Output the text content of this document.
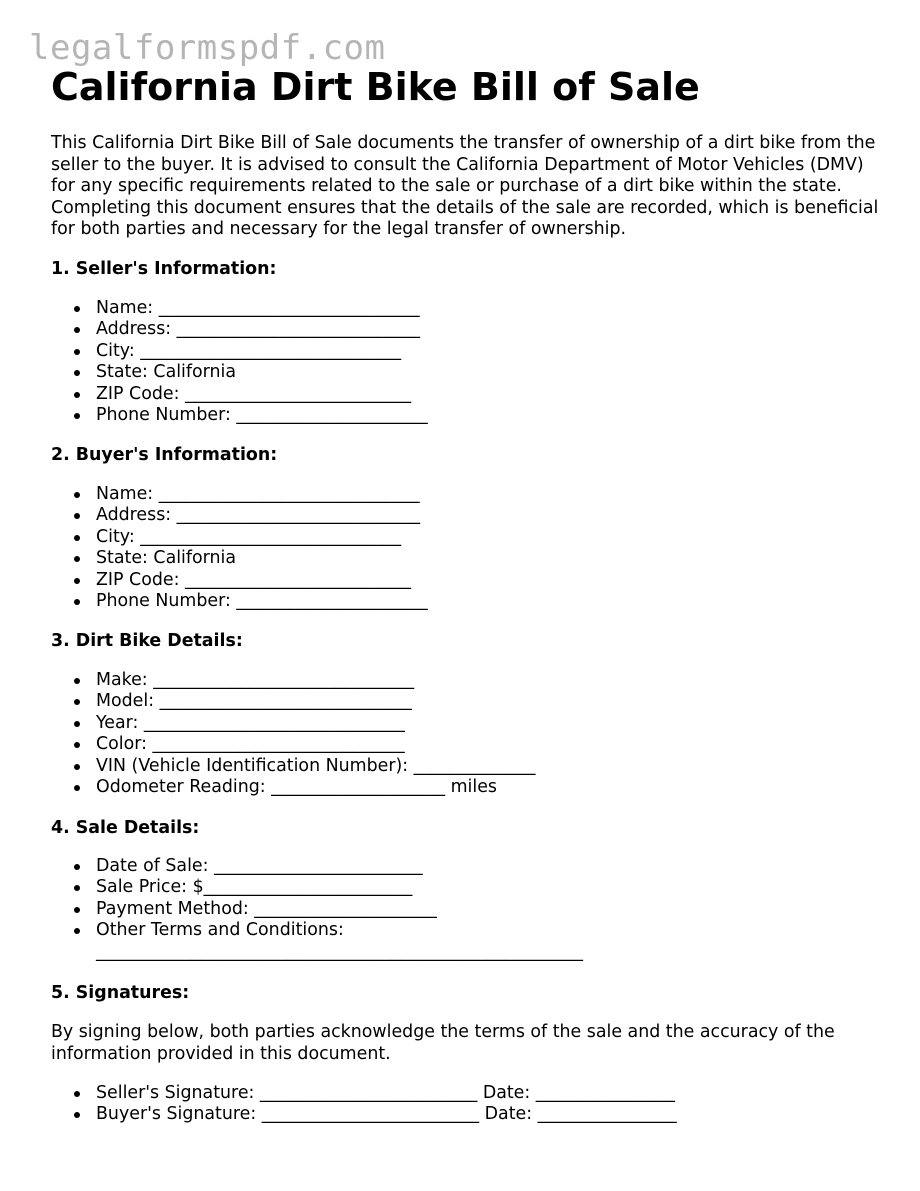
legalformspdf.com
California Dirt Bike Bill of Sale

This California Dirt Bike Bill of Sale documents the transfer of ownership of a dirt bike from the seller to the buyer. It is advised to consult the California Department of Motor Vehicles (DMV) for any specific requirements related to the sale or purchase of a dirt bike within the state. Completing this document ensures that the details of the sale are recorded, which is beneficial for both parties and necessary for the legal transfer of ownership.

1. Seller's Information:
Name: ______________________________
Address: ____________________________
City: ______________________________
State: California
ZIP Code: __________________________
Phone Number: ______________________
2. Buyer's Information:
Name: ______________________________
Address: ____________________________
City: ______________________________
State: California
ZIP Code: __________________________
Phone Number: ______________________
3. Dirt Bike Details:
Make: ______________________________
Model: _____________________________
Year: ______________________________
Color: _____________________________
VIN (Vehicle Identification Number): ______________
Odometer Reading: ____________________ miles
4. Sale Details:
Date of Sale: ________________________
Sale Price: $________________________
Payment Method: _____________________
Other Terms and Conditions:
________________________________________________________
5. Signatures:

By signing below, both parties acknowledge the terms of the sale and the accuracy of the information provided in this document.

Seller's Signature: _________________________ Date: ________________
Buyer's Signature: _________________________ Date: ________________
